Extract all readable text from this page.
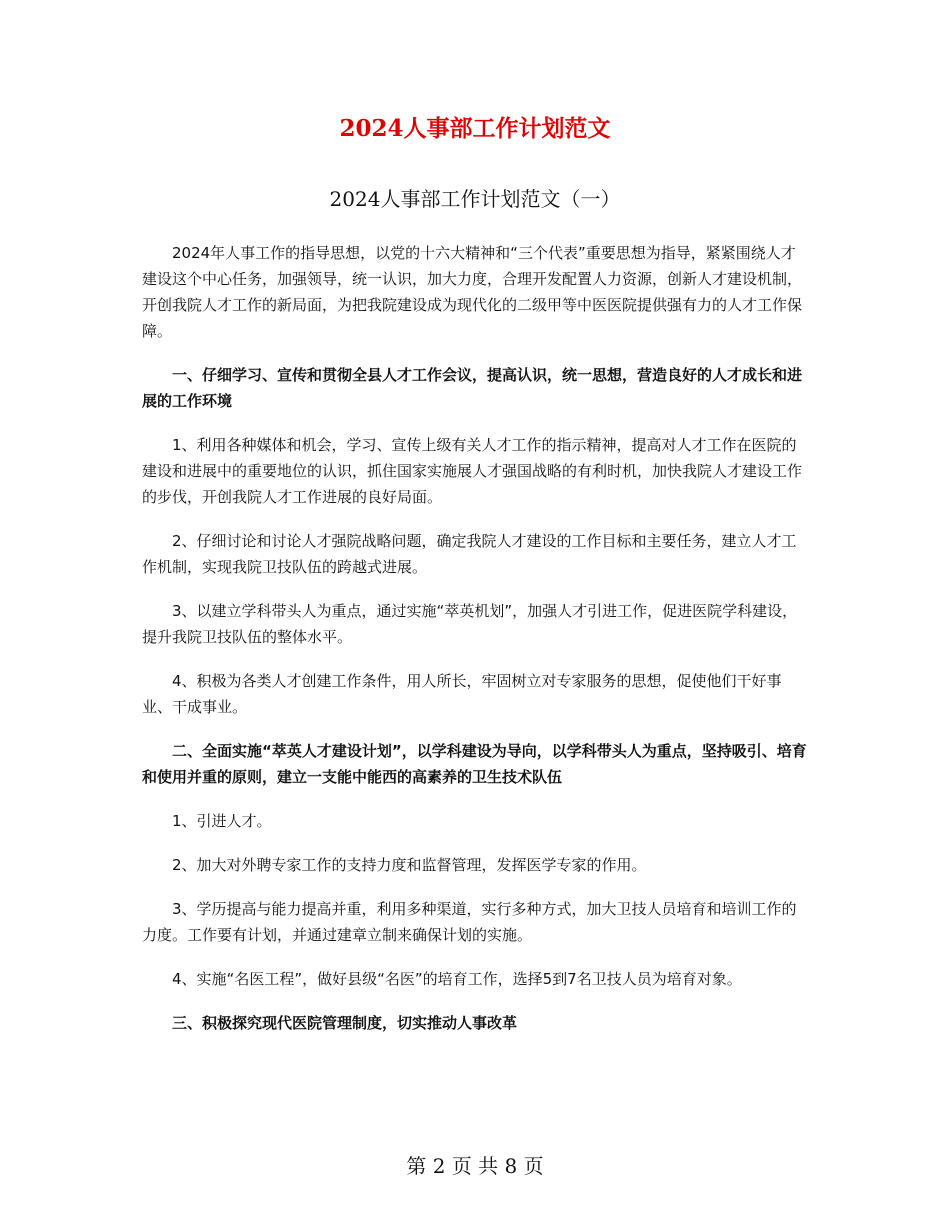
2024人事部工作计划范文
2024人事部工作计划范文（一）

2024年人事工作的指导思想，以党的十六大精神和“三个代表”重要思想为指导，紧紧围绕人才建设这个中心任务，加强领导，统一认识，加大力度，合理开发配置人力资源，创新人才建设机制，开创我院人才工作的新局面，为把我院建设成为现代化的二级甲等中医医院提供强有力的人才工作保障。

一、仔细学习、宣传和贯彻全县人才工作会议，提高认识，统一思想，营造良好的人才成长和进展的工作环境

1、利用各种媒体和机会，学习、宣传上级有关人才工作的指示精神，提高对人才工作在医院的建设和进展中的重要地位的认识，抓住国家实施展人才强国战略的有利时机，加快我院人才建设工作的步伐，开创我院人才工作进展的良好局面。

2、仔细讨论和讨论人才强院战略问题，确定我院人才建设的工作目标和主要任务，建立人才工作机制，实现我院卫技队伍的跨越式进展。

3、以建立学科带头人为重点，通过实施“萃英机划”，加强人才引进工作，促进医院学科建设，提升我院卫技队伍的整体水平。

4、积极为各类人才创建工作条件，用人所长，牢固树立对专家服务的思想，促使他们干好事业、干成事业。

二、全面实施“萃英人才建设计划”，以学科建设为导向，以学科带头人为重点，坚持吸引、培育和使用并重的原则，建立一支能中能西的高素养的卫生技术队伍

1、引进人才。

2、加大对外聘专家工作的支持力度和监督管理，发挥医学专家的作用。

3、学历提高与能力提高并重，利用多种渠道，实行多种方式，加大卫技人员培育和培训工作的力度。工作要有计划，并通过建章立制来确保计划的实施。

4、实施“名医工程”，做好县级“名医”的培育工作，选择5到7名卫技人员为培育对象。

三、积极探究现代医院管理制度，切实推动人事改革

第 2 页 共 8 页
